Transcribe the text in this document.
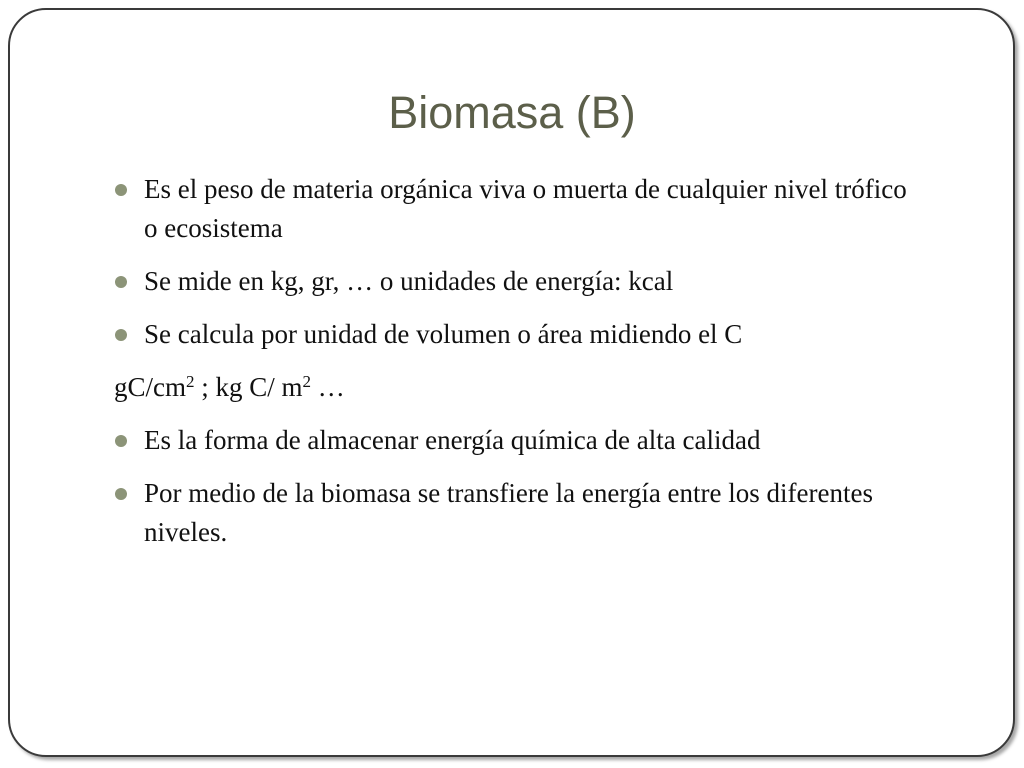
Biomasa (B)
Es el peso de materia orgánica viva o muerta de cualquier nivel trófico o ecosistema
Se mide en kg, gr, … o unidades de energía: kcal
Se calcula por unidad de volumen o área midiendo el C
$gC/cm^2$ ; kg C/ $m^2$ …
Es la forma de almacenar energía química de alta calidad
Por medio de la biomasa se transfiere la energía entre los diferentes niveles.
